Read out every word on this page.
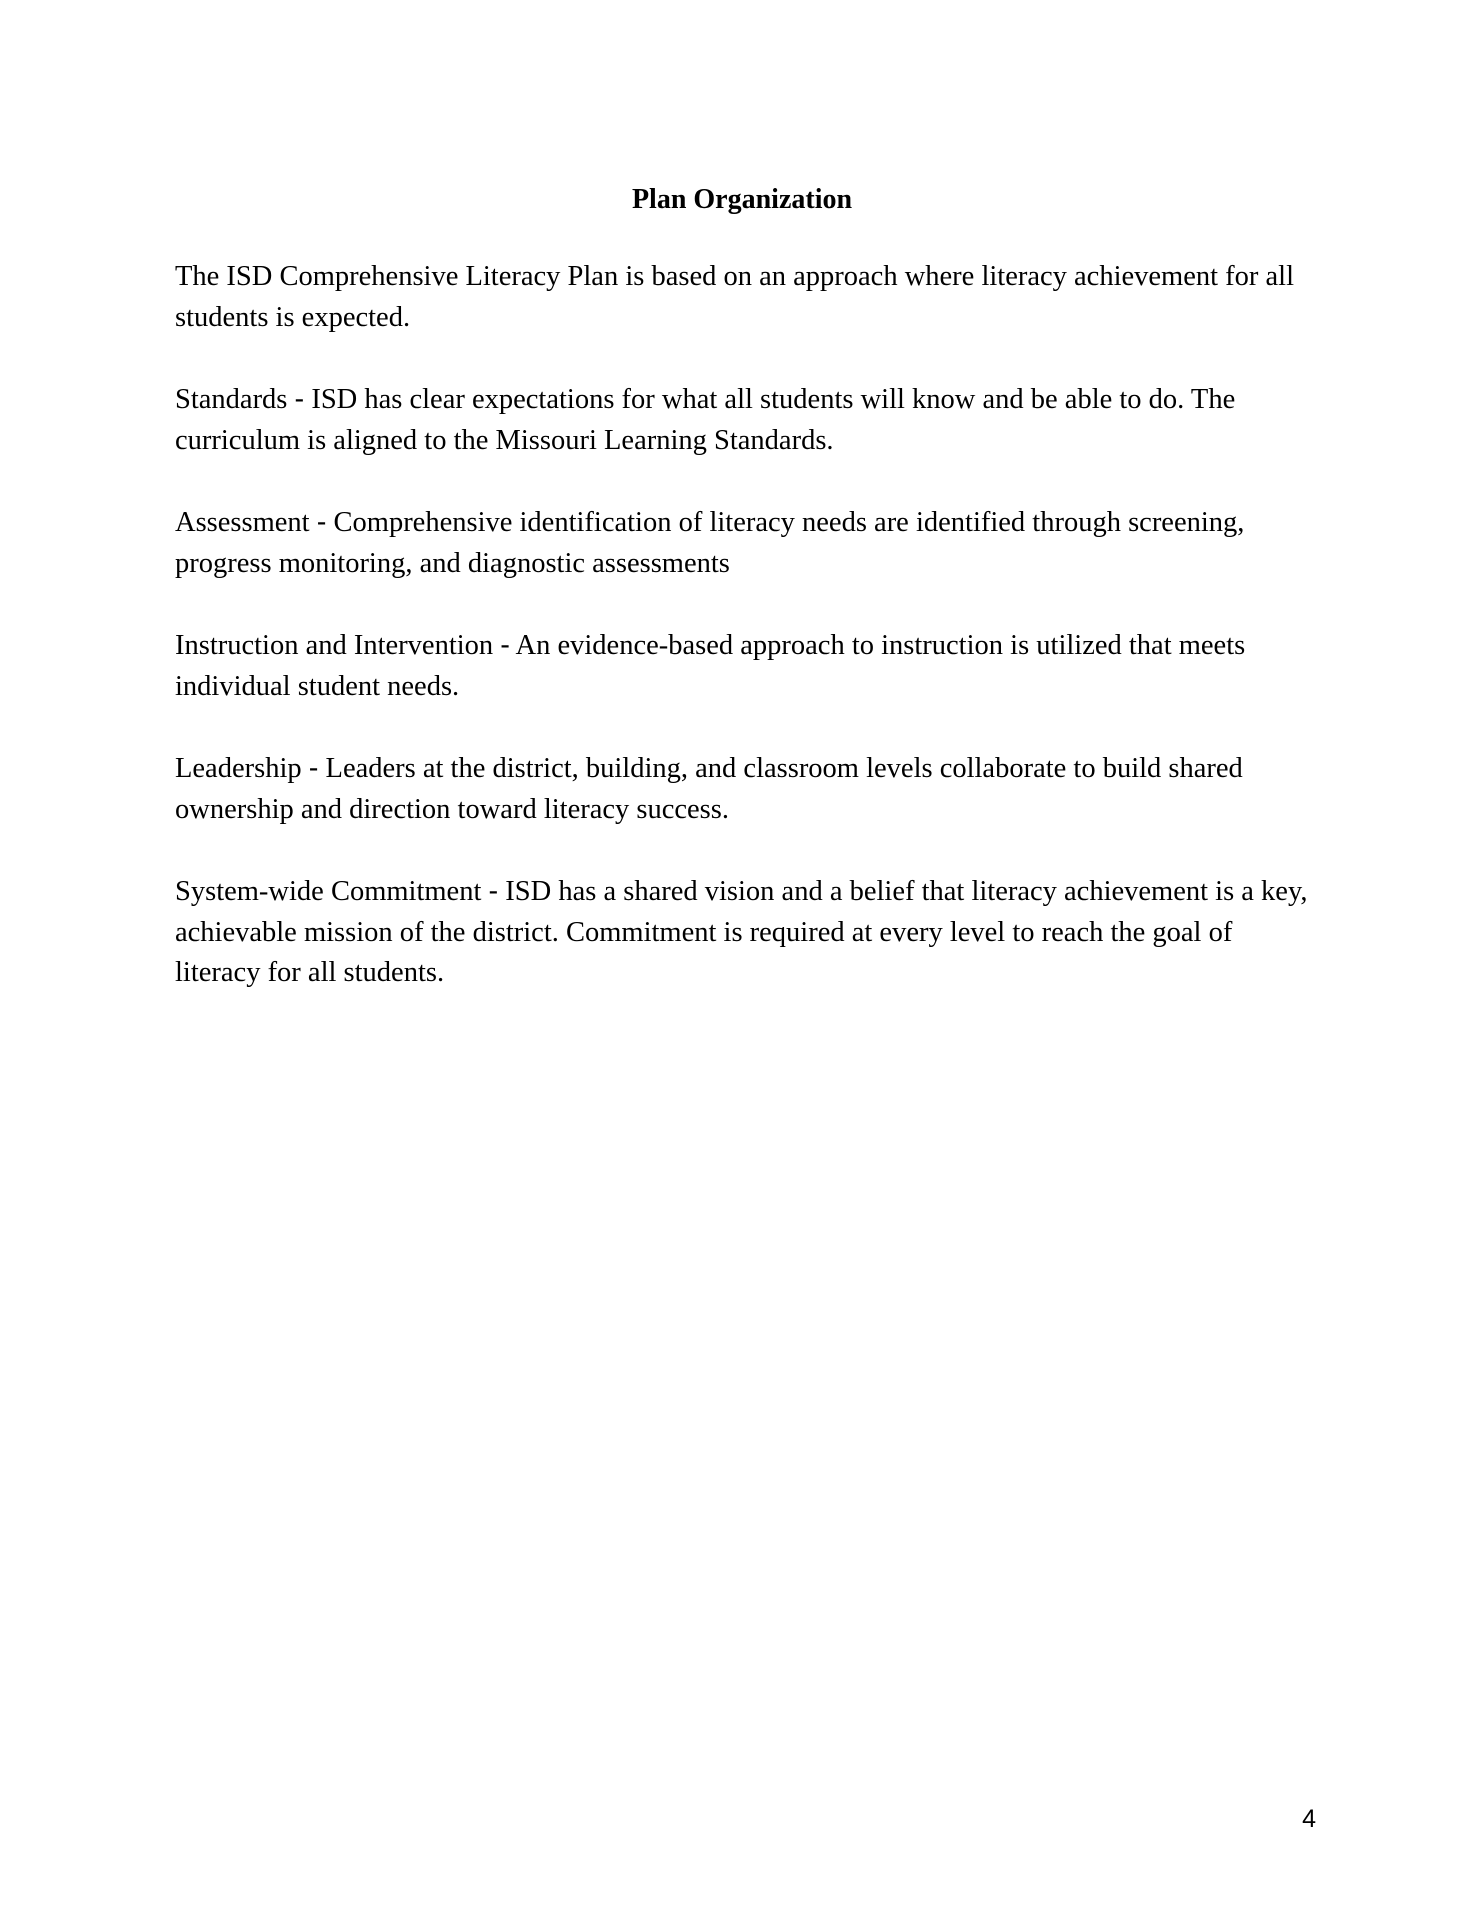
Plan Organization

The ISD Comprehensive Literacy Plan is based on an approach where literacy achievement for all students is expected.

Standards - ISD has clear expectations for what all students will know and be able to do. The curriculum is aligned to the Missouri Learning Standards.

Assessment - Comprehensive identification of literacy needs are identified through screening, progress monitoring, and diagnostic assessments

Instruction and Intervention - An evidence-based approach to instruction is utilized that meets individual student needs.

Leadership - Leaders at the district, building, and classroom levels collaborate to build shared ownership and direction toward literacy success.

System-wide Commitment - ISD has a shared vision and a belief that literacy achievement is a key, achievable mission of the district. Commitment is required at every level to reach the goal of literacy for all students.

4
